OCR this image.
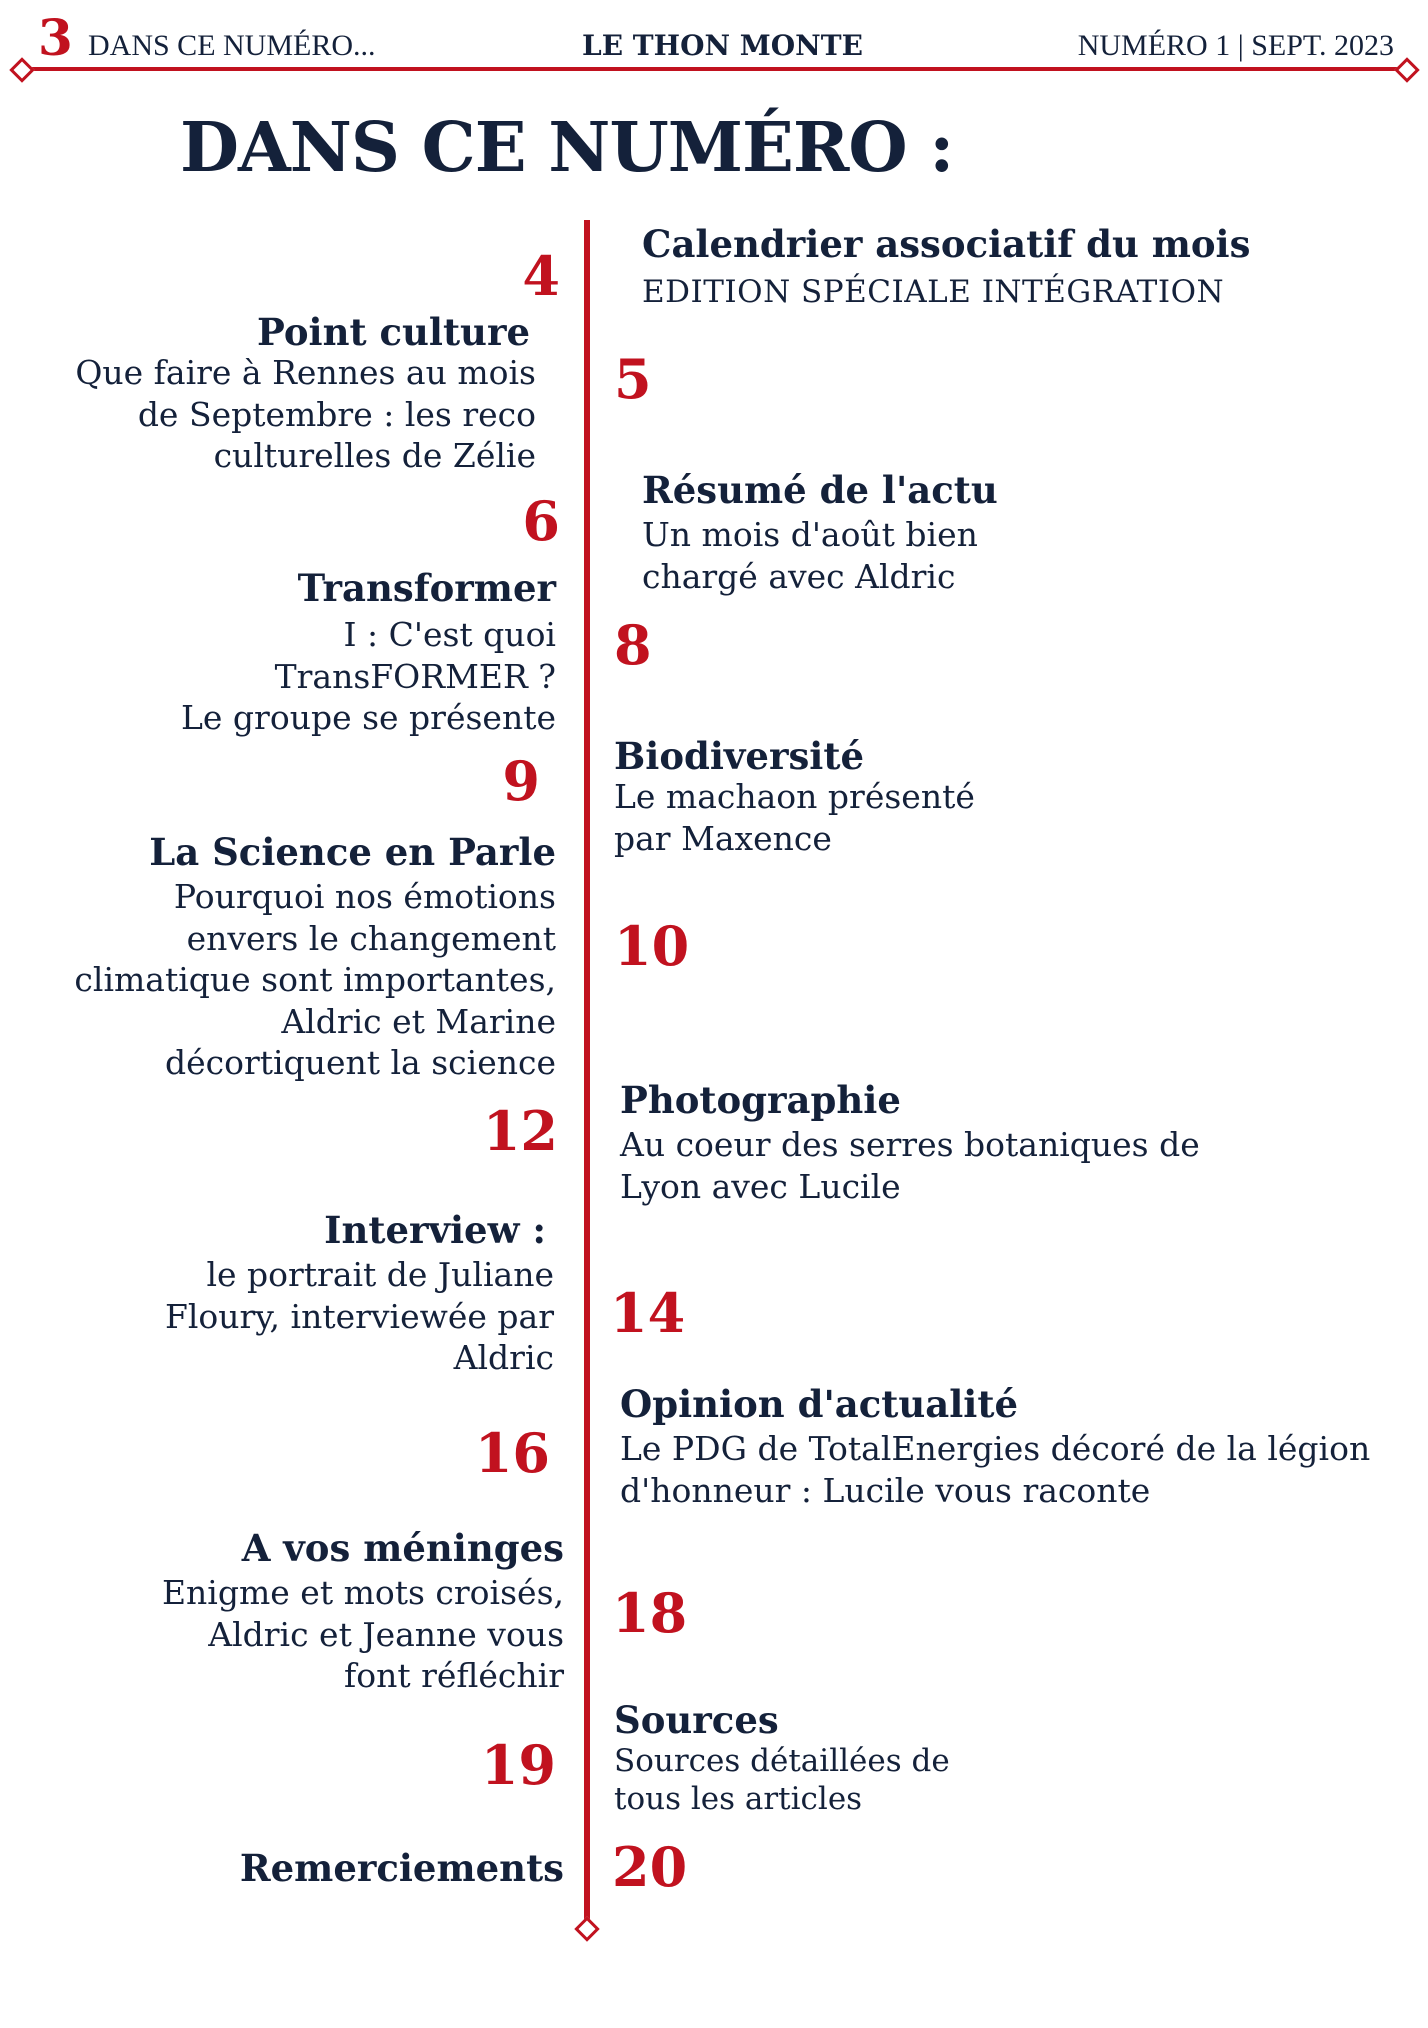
3 DANS CE NUMÉRO...	LE THON MONTE	NUMÉRO 1 | SEPT. 2023
DANS CE NUMÉRO :
4
Point culture
Que faire à Rennes au mois
de Septembre : les reco
culturelles de Zélie
Calendrier associatif du mois
EDITION SPÉCIALE INTÉGRATION
5
6
Transformer
I : C'est quoi
TransFORMER ?
Le groupe se présente
Résumé de l'actu
Un mois d'août bien
chargé avec Aldric
8
9
La Science en Parle
Pourquoi nos émotions
envers le changement
climatique sont importantes,
Aldric et Marine
décortiquent la science
Biodiversité
Le machaon présenté
par Maxence
10
12
Interview :
le portrait de Juliane
Floury, interviewée par
Aldric
Photographie
Au coeur des serres botaniques de
Lyon avec Lucile
14
16
A vos méninges
Enigme et mots croisés,
Aldric et Jeanne vous
font réfléchir
Opinion d'actualité
Le PDG de TotalEnergies décoré de la légion
d'honneur : Lucile vous raconte
18
19
Sources
Sources détaillées de
tous les articles
Remerciements 20
